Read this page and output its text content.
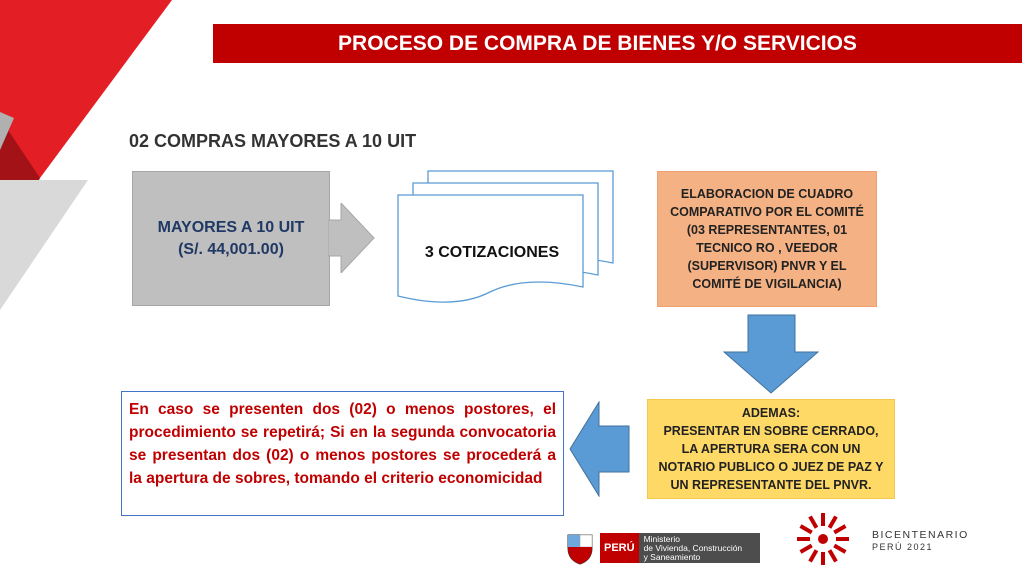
PROCESO DE COMPRA DE BIENES Y/O SERVICIOS
02 COMPRAS MAYORES A 10 UIT
MAYORES A 10 UIT
(S/. 44,001.00)	3 COTIZACIONES
ELABORACION DE CUADRO COMPARATIVO POR EL COMITÉ (03 REPRESENTANTES, 01 TECNICO RO , VEEDOR (SUPERVISOR) PNVR Y EL COMITÉ DE VIGILANCIA)
ADEMAS:
PRESENTAR EN SOBRE CERRADO, LA APERTURA SERA CON UN NOTARIO PUBLICO O JUEZ DE PAZ Y UN REPRESENTANTE DEL PNVR.
En caso se presenten dos (02) o menos postores, el procedimiento se repetirá; Si en la segunda convocatoria se presentan dos (02) o menos postores se procederá a la apertura de sobres, tomando el criterio economicidad
PERÚ
Ministerio
de Vivienda, Construcción
y Saneamiento
BICENTENARIO
PERÚ 2021
